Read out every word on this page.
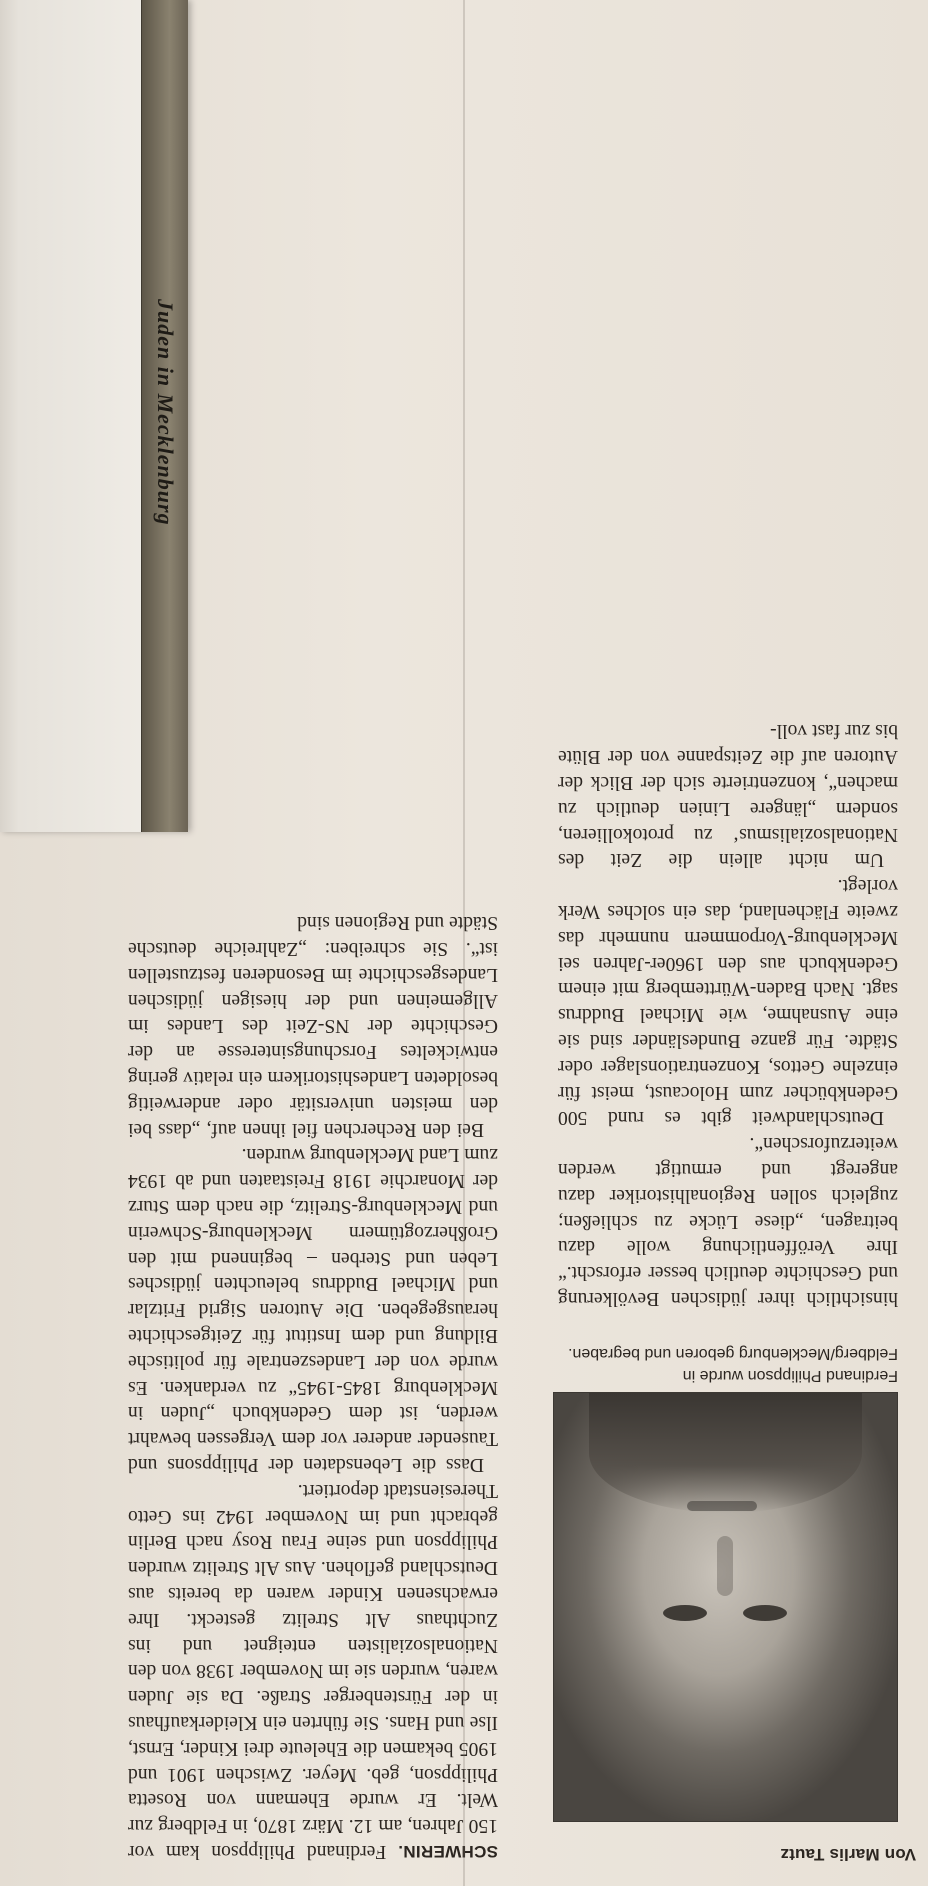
Von Marlis Tautz
Ferdinand Philippson wurde in Feldberg/Mecklenburg geboren und begraben.

SCHWERIN. Ferdinand Philippson kam vor 150 Jahren, am 12. März 1870, in Feldberg zur Welt. Er wurde Ehemann von Rosetta Philippson, geb. Meyer. Zwischen 1901 und 1905 bekamen die Eheleute drei Kinder, Ernst, Ilse und Hans. Sie führten ein Kleiderkaufhaus in der Fürstenberger Straße. Da sie Juden waren, wurden sie im November 1938 von den Nationalsozialisten enteignet und ins Zuchthaus Alt Strelitz gesteckt. Ihre erwachsenen Kinder waren da bereits aus Deutschland geflohen. Aus Alt Strelitz wurden Philippson und seine Frau Rosy nach Berlin gebracht und im November 1942 ins Getto Theresienstadt deportiert.

Dass die Lebensdaten der Philippsons und Tausender anderer vor dem Vergessen bewahrt werden, ist dem Gedenkbuch „Juden in Mecklenburg 1845-1945“ zu verdanken. Es wurde von der Landeszentrale für politische Bildung und dem Institut für Zeitgeschichte herausgegeben. Die Autoren Sigrid Fritzlar und Michael Buddrus beleuchten jüdisches Leben und Sterben – beginnend mit den Großherzogtümern Mecklenburg-Schwerin und Mecklenburg-Strelitz, die nach dem Sturz der Monarchie 1918 Freistaaten und ab 1934 zum Land Mecklenburg wurden.

Bei den Recherchen fiel ihnen auf, „dass bei den meisten universitär oder anderweitig besoldeten Landeshistorikern ein relativ gering entwickeltes Forschungsinteresse an der Geschichte der NS-Zeit des Landes im Allgemeinen und der hiesigen jüdischen Landesgeschichte im Besonderen festzustellen ist“. Sie schreiben: „Zahlreiche deutsche Städte und Regionen sind

hinsichtlich ihrer jüdischen Bevölkerung und Geschichte deutlich besser erforscht.“ Ihre Veröffentlichung wolle dazu beitragen, „diese Lücke zu schließen; zugleich sollen Regionalhistoriker dazu angeregt und ermutigt werden weiterzuforschen“.

Deutschlandweit gibt es rund 500 Gedenkbücher zum Holocaust, meist für einzelne Gettos, Konzentrationslager oder Städte. Für ganze Bundesländer sind sie eine Ausnahme, wie Michael Buddrus sagt. Nach Baden-Württemberg mit einem Gedenkbuch aus den 1960er-Jahren sei Mecklenburg-Vorpommern nunmehr das zweite Flächenland, das ein solches Werk vorlegt.

Um nicht allein die Zeit des Nationalsozialismus‘ zu protokollieren, sondern „längere Linien deutlich zu machen“, konzentrierte sich der Blick der Autoren auf die Zeitspanne von der Blüte bis zur fast voll-

Juden in Mecklenburg
